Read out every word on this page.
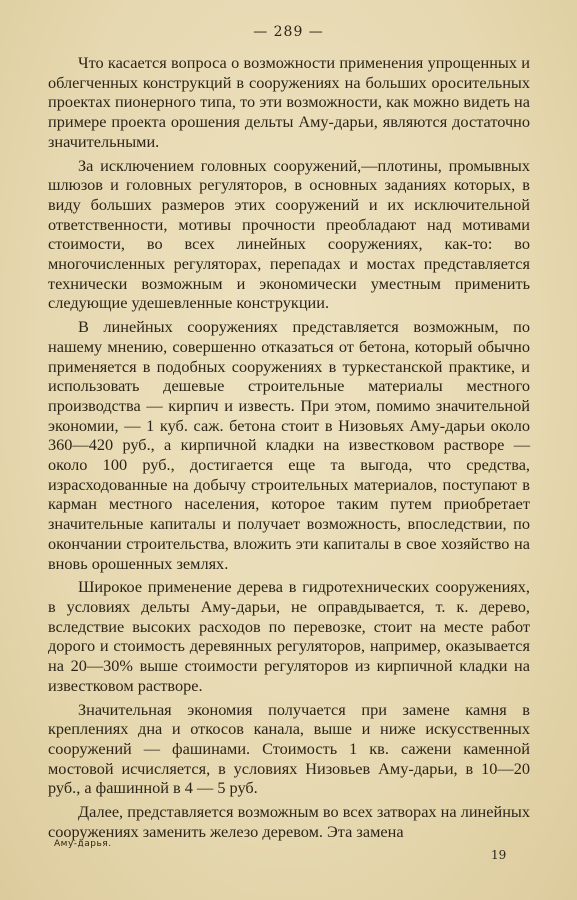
— 289 —

Что касается вопроса о возможности применения упрощенных и облегченных конструкций в сооружениях на больших оросительных проектах пионерного типа, то эти возможности, как можно видеть на примере проекта орошения дельты Аму-дарьи, являются достаточно значительными.

За исключением головных сооружений,—плотины, промывных шлюзов и головных регуляторов, в основных заданиях которых, в виду больших размеров этих сооружений и их исключительной ответственности, мотивы прочности преобладают над мотивами стоимости, во всех линейных сооружениях, как-то: во многочисленных регуляторах, перепадах и мостах представляется технически возможным и экономически уместным применить следующие удешевленные конструкции.

В линейных сооружениях представляется возможным, по нашему мнению, совершенно отказаться от бетона, который обычно применяется в подобных сооружениях в туркестанской практике, и использовать дешевые строительные материалы местного производства — кирпич и известь. При этом, помимо значительной экономии, — 1 куб. саж. бетона стоит в Низовьях Аму-дарьи около 360—420 руб., а кирпичной кладки на известковом растворе — около 100 руб., достигается еще та выгода, что средства, израсходованные на добычу строительных материалов, поступают в карман местного населения, которое таким путем приобретает значительные капиталы и получает возможность, впоследствии, по окончании строительства, вложить эти капиталы в свое хозяйство на вновь орошенных землях.

Широкое применение дерева в гидротехнических сооружениях, в условиях дельты Аму-дарьи, не оправдывается, т. к. дерево, вследствие высоких расходов по перевозке, стоит на месте работ дорого и стоимость деревянных регуляторов, например, оказывается на 20—30% выше стоимости регуляторов из кирпичной кладки на известковом растворе.

Значительная экономия получается при замене камня в креплениях дна и откосов канала, выше и ниже искусственных сооружений — фашинами. Стоимость 1 кв. сажени каменной мостовой исчисляется, в условиях Низовьев Аму-дарьи, в 10—20 руб., а фашинной в 4 — 5 руб.

Далее, представляется возможным во всех затворах на линейных сооружениях заменить железо деревом. Эта замена

Аму-дарья.
19
